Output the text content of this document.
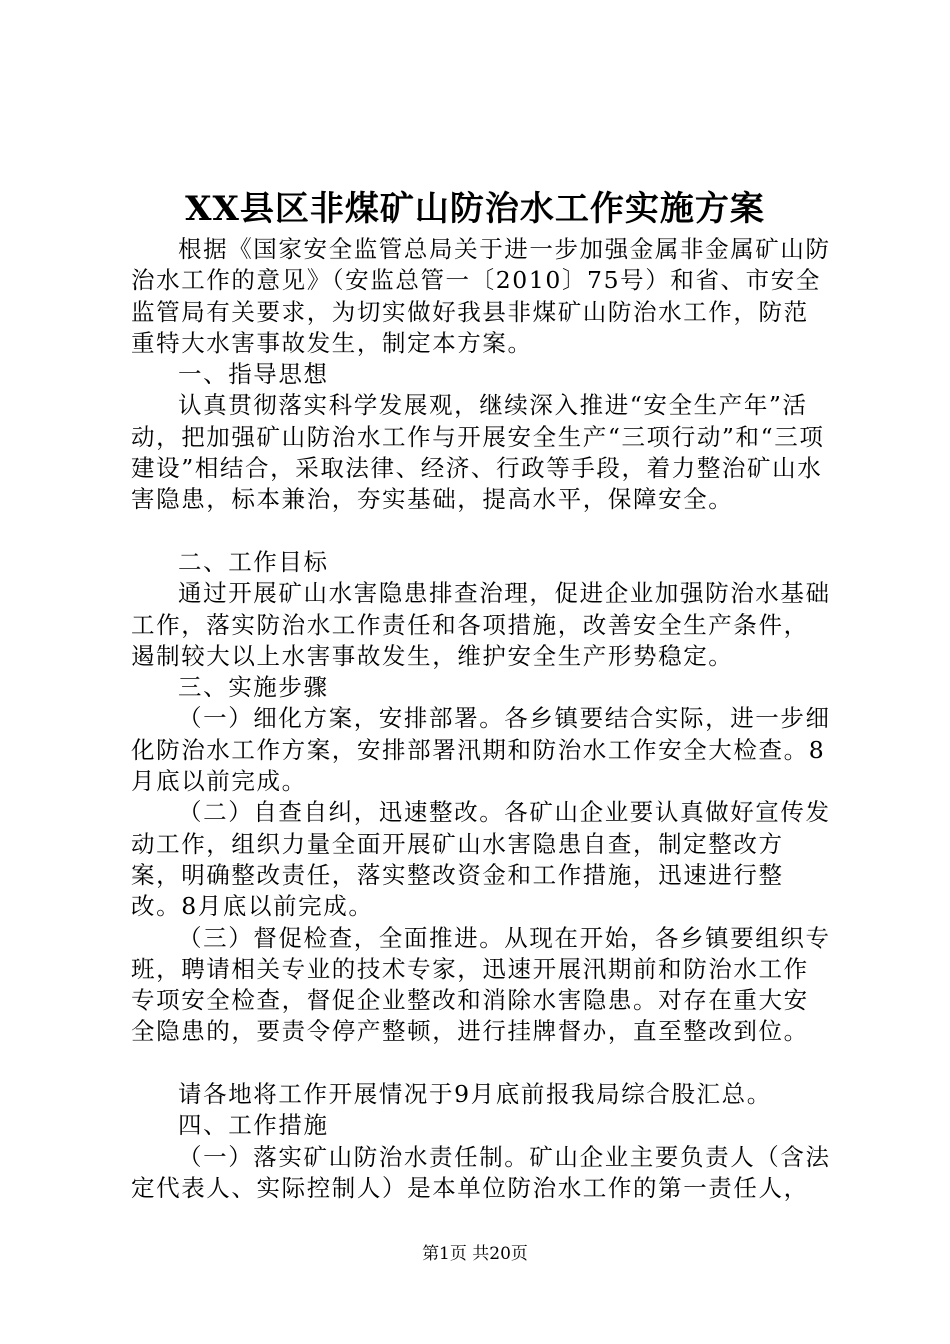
XX县区非煤矿山防治水工作实施方案

根据《国家安全监管总局关于进一步加强金属非金属矿山防治水工作的意见》（安监总管一〔2010〕75号）和省、市安全监管局有关要求，为切实做好我县非煤矿山防治水工作，防范重特大水害事故发生，制定本方案。

一、指导思想

认真贯彻落实科学发展观，继续深入推进“安全生产年”活动，把加强矿山防治水工作与开展安全生产“三项行动”和“三项建设”相结合，采取法律、经济、行政等手段，着力整治矿山水害隐患，标本兼治，夯实基础，提高水平，保障安全。

二、工作目标

通过开展矿山水害隐患排查治理，促进企业加强防治水基础工作，落实防治水工作责任和各项措施，改善安全生产条件，遏制较大以上水害事故发生，维护安全生产形势稳定。

三、实施步骤

（一）细化方案，安排部署。各乡镇要结合实际，进一步细化防治水工作方案，安排部署汛期和防治水工作安全大检查。8月底以前完成。

（二）自查自纠，迅速整改。各矿山企业要认真做好宣传发动工作，组织力量全面开展矿山水害隐患自查，制定整改方案，明确整改责任，落实整改资金和工作措施，迅速进行整改。8月底以前完成。

（三）督促检查，全面推进。从现在开始，各乡镇要组织专班，聘请相关专业的技术专家，迅速开展汛期前和防治水工作专项安全检查，督促企业整改和消除水害隐患。对存在重大安全隐患的，要责令停产整顿，进行挂牌督办，直至整改到位。

请各地将工作开展情况于9月底前报我局综合股汇总。

四、工作措施

（一）落实矿山防治水责任制。矿山企业主要负责人（含法定代表人、实际控制人）是本单位防治水工作的第一责任人，

第1页 共20页
